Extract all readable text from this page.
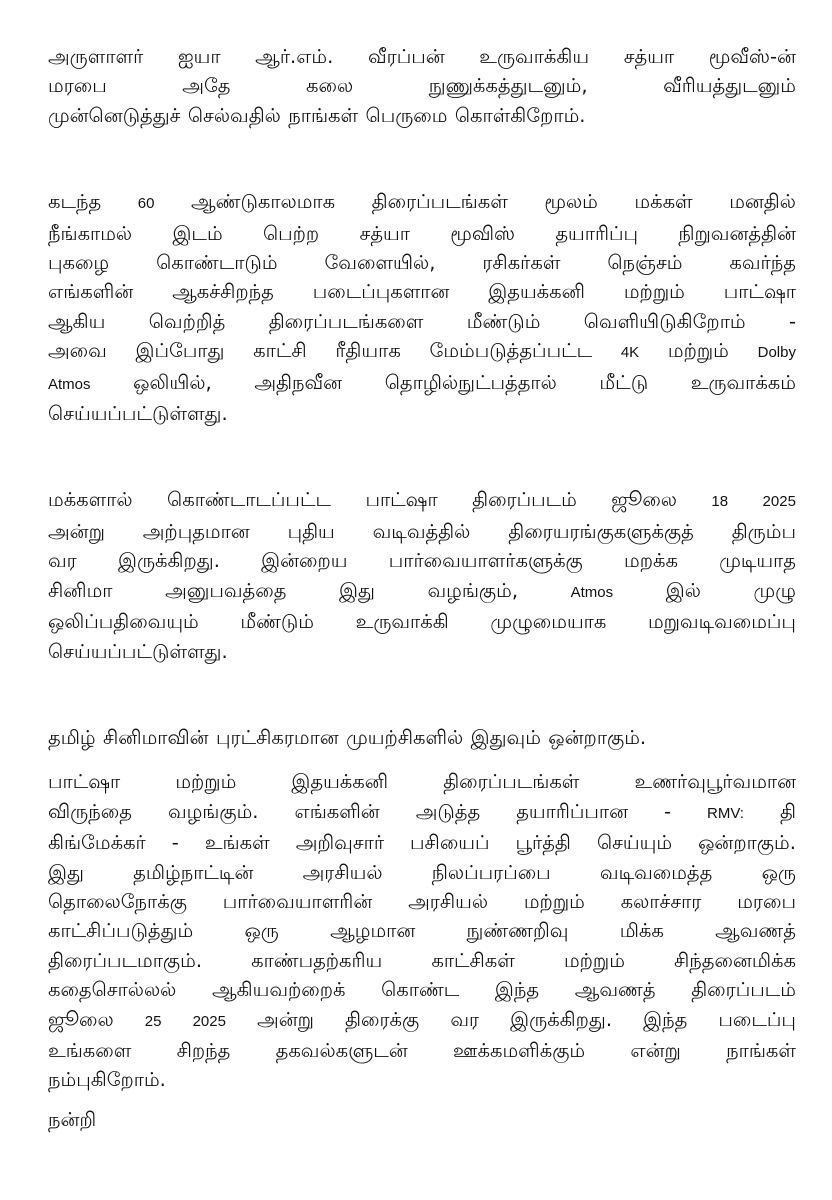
அருளாளர் ஐயா ஆர்.எம். வீரப்பன் உருவாக்கிய சத்யா மூவீஸ்-ன்
மரபை	அதே	கலை	நுணுக்கத்துடனும்,	வீரியத்துடனும்
முன்னெடுத்துச் செல்வதில் நாங்கள் பெருமை கொள்கிறோம்.
கடந்த 60 ஆண்டுகாலமாக திரைப்படங்கள் மூலம் மக்கள் மனதில்
நீங்காமல் இடம் பெற்ற சத்யா மூவிஸ் தயாரிப்பு நிறுவனத்தின்
புகழை கொண்டாடும் வேளையில், ரசிகர்கள் நெஞ்சம் கவர்ந்த
எங்களின் ஆகச்சிறந்த படைப்புகளான இதயக்கனி மற்றும் பாட்ஷா
ஆகிய வெற்றித் திரைப்படங்களை மீண்டும் வெளியிடுகிறோம் -
அவை இப்போது காட்சி ரீதியாக மேம்படுத்தப்பட்ட 4K மற்றும் Dolby
Atmos ஒலியில், அதிநவீன தொழில்நுட்பத்தால் மீட்டு உருவாக்கம்
செய்யப்பட்டுள்ளது.
மக்களால் கொண்டாடப்பட்ட பாட்ஷா திரைப்படம் ஜூலை 18 2025
அன்று அற்புதமான புதிய வடிவத்தில் திரையரங்குகளுக்குத் திரும்ப
வர இருக்கிறது. இன்றைய பார்வையாளர்களுக்கு மறக்க முடியாத
சினிமா	அனுபவத்தை	இது	வழங்கும்,	Atmos	இல்	முழு
ஒலிப்பதிவையும் மீண்டும் உருவாக்கி முழுமையாக மறுவடிவமைப்பு
செய்யப்பட்டுள்ளது.
தமிழ் சினிமாவின் புரட்சிகரமான முயற்சிகளில் இதுவும் ஒன்றாகும்.
பாட்ஷா	மற்றும்	இதயக்கனி	திரைப்படங்கள்	உணர்வுபூர்வமான
விருந்தை வழங்கும். எங்களின் அடுத்த தயாரிப்பான - RMV: தி
கிங்மேக்கர் - உங்கள் அறிவுசார் பசியைப் பூர்த்தி செய்யும் ஒன்றாகும்.
இது	தமிழ்நாட்டின்	அரசியல்	நிலப்பரப்பை	வடிவமைத்த	ஒரு
தொலைநோக்கு பார்வையாளரின் அரசியல் மற்றும் கலாச்சார மரபை
காட்சிப்படுத்தும்	ஒரு	ஆழமான	நுண்ணறிவு	மிக்க	ஆவணத்
திரைப்படமாகும்.	காண்பதற்கரிய	காட்சிகள்	மற்றும்	சிந்தனைமிக்க
கதைசொல்லல் ஆகியவற்றைக் கொண்ட இந்த ஆவணத் திரைப்படம்
ஜூலை 25 2025 அன்று திரைக்கு வர இருக்கிறது. இந்த படைப்பு
உங்களை சிறந்த தகவல்களுடன் ஊக்கமளிக்கும் என்று நாங்கள்
நம்புகிறோம்.
நன்றி
